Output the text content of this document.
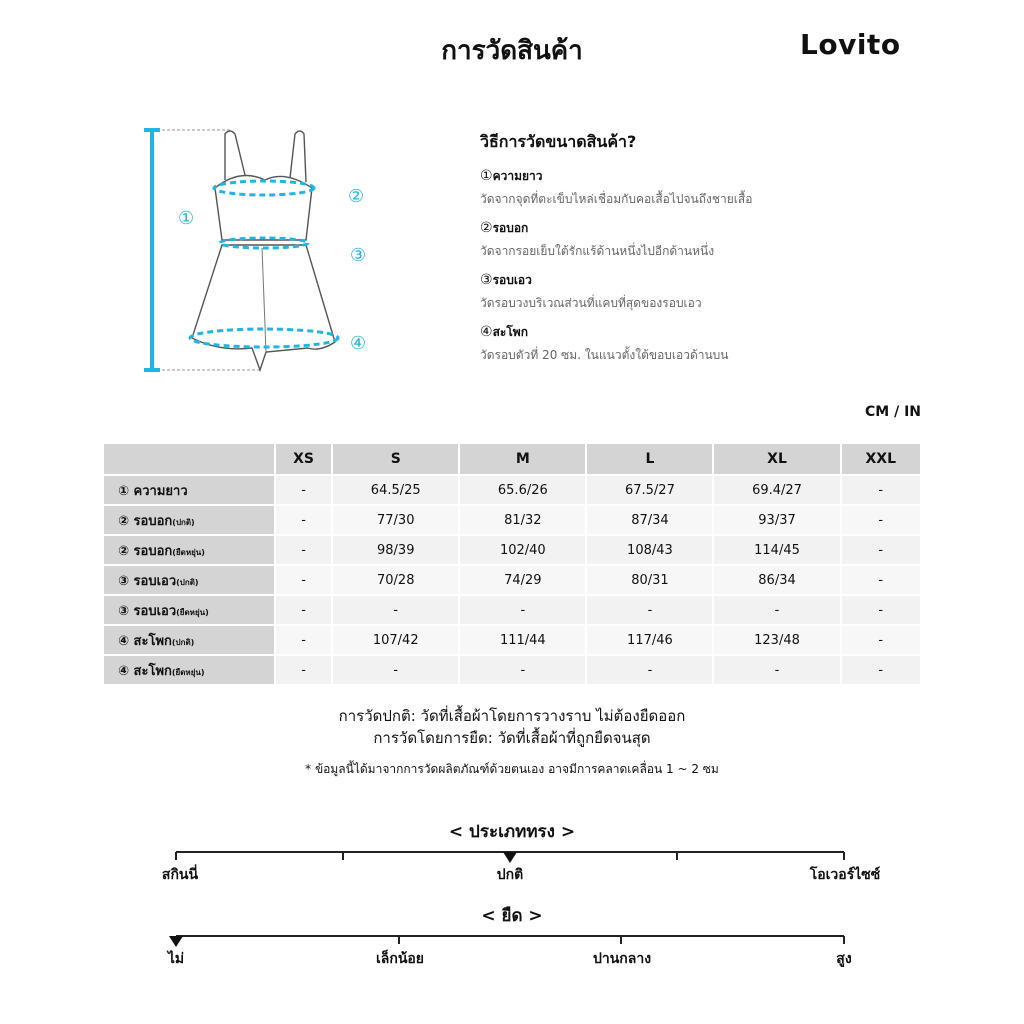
การวัดสินค้า	Lovito
①
②
③
④
วิธีการวัดขนาดสินค้า?
①ความยาว
วัดจากจุดที่ตะเข็บไหล่เชื่อมกับคอเสื้อไปจนถึงชายเสื้อ
②รอบอก
วัดจากรอยเย็บใต้รักแร้ด้านหนึ่งไปอีกด้านหนึ่ง
③รอบเอว
วัดรอบวงบริเวณส่วนที่แคบที่สุดของรอบเอว
④สะโพก
วัดรอบตัวที่ 20 ซม. ในแนวตั้งใต้ขอบเอวด้านบน
CM / IN
	XS	S	M	L	XL	XXL
① ความยาว	-	64.5/25	65.6/26	67.5/27	69.4/27	-
② รอบอก(ปกติ)	-	77/30	81/32	87/34	93/37	-
② รอบอก(ยืดหยุ่น)	-	98/39	102/40	108/43	114/45	-
③ รอบเอว(ปกติ)	-	70/28	74/29	80/31	86/34	-
③ รอบเอว(ยืดหยุ่น)	-	-	-	-	-	-
④ สะโพก(ปกติ)	-	107/42	111/44	117/46	123/48	-
④ สะโพก(ยืดหยุ่น)	-	-	-	-	-	-
การวัดปกติ: วัดที่เสื้อผ้าโดยการวางราบ ไม่ต้องยืดออก
การวัดโดยการยืด: วัดที่เสื้อผ้าที่ถูกยืดจนสุด
* ข้อมูลนี้ได้มาจากการวัดผลิตภัณฑ์ด้วยตนเอง อาจมีการคลาดเคลื่อน 1 ~ 2 ซม
< ประเภททรง >
สกินนี่	ปกติ	โอเวอร์ไซซ์
< ยืด >
ไม่	เล็กน้อย	ปานกลาง	สูง
